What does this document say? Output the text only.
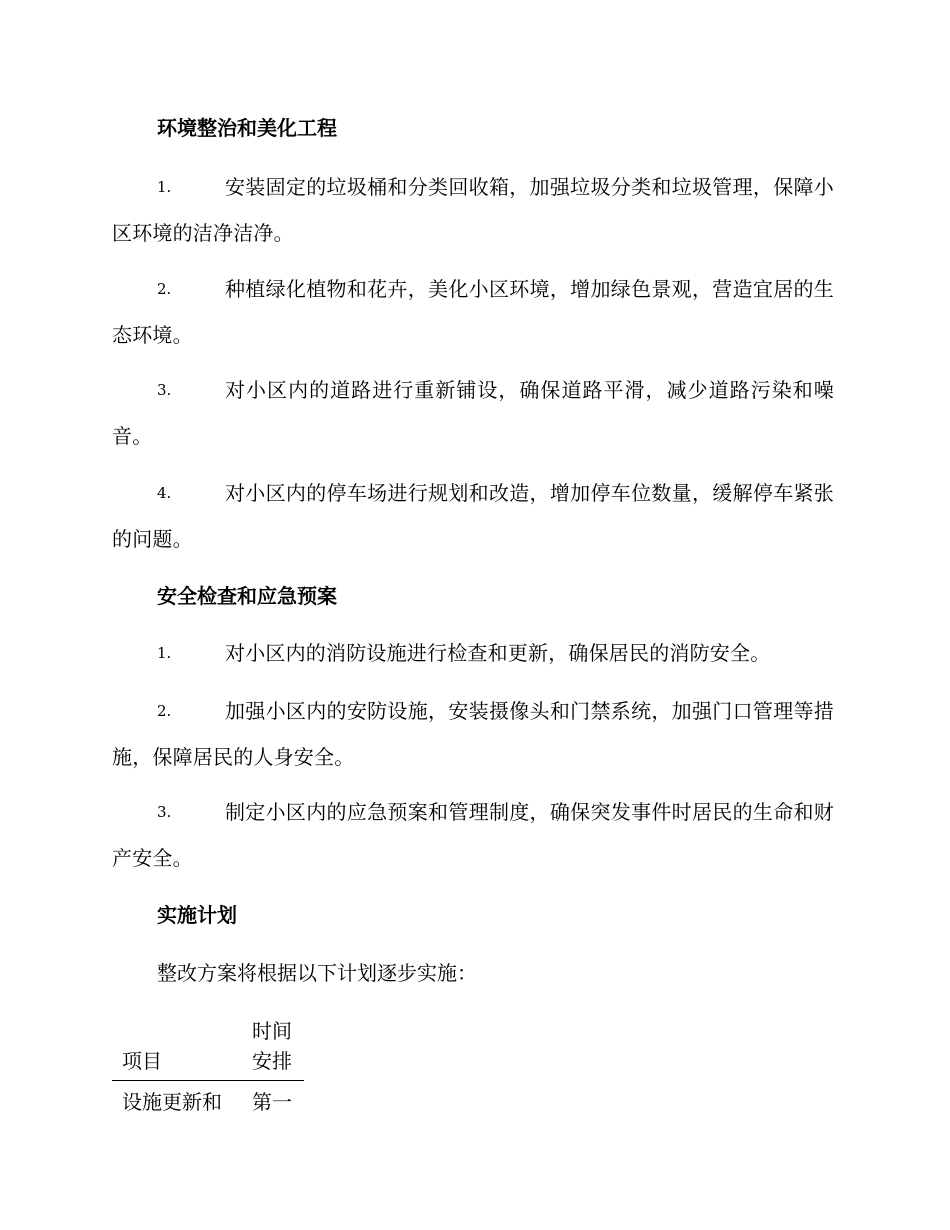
环境整治和美化工程
1.	安装固定的垃圾桶和分类回收箱，加强垃圾分类和垃圾管理，保障小区环境的洁净洁净。
2.	种植绿化植物和花卉，美化小区环境，增加绿色景观，营造宜居的生态环境。
3.	对小区内的道路进行重新铺设，确保道路平滑，减少道路污染和噪音。
4.	对小区内的停车场进行规划和改造，增加停车位数量，缓解停车紧张的问题。
安全检查和应急预案
1.	对小区内的消防设施进行检查和更新，确保居民的消防安全。
2.	加强小区内的安防设施，安装摄像头和门禁系统，加强门口管理等措施，保障居民的人身安全。
3.	制定小区内的应急预案和管理制度，确保突发事件时居民的生命和财产安全。
实施计划
整改方案将根据以下计划逐步实施：
项目	时间安排
设施更新和	第一
